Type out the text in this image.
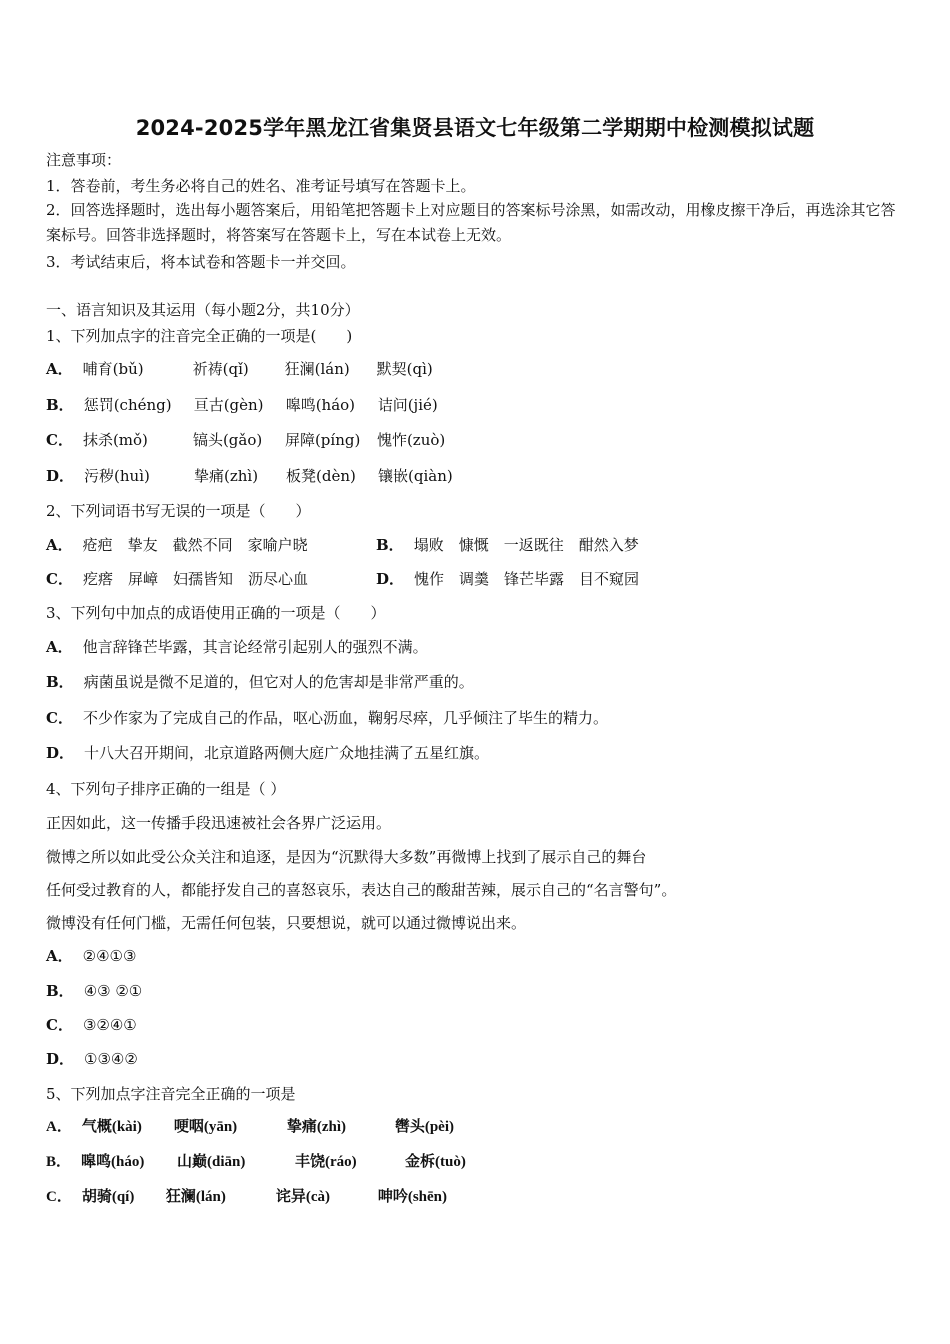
2024-2025学年黑龙江省集贤县语文七年级第二学期期中检测模拟试题
注意事项：
1．答卷前，考生务必将自己的姓名、准考证号填写在答题卡上。
2．回答选择题时，选出每小题答案后，用铅笔把答题卡上对应题目的答案标号涂黑，如需改动，用橡皮擦干净后，再选涂其它答案标号。回答非选择题时，将答案写在答题卡上，写在本试卷上无效。
3．考试结束后，将本试卷和答题卡一并交回。
一、语言知识及其运用（每小题2分，共10分）
1、下列加点字的注音完全正确的一项是(　　)
A． 哺育(bǔ)	祈祷(qǐ) 狂澜(lán) 默契(qì)
B． 惩罚(chéng) 亘古(gèn) 嗥鸣(háo) 诘问(jié)
C． 抹杀(mǒ)	镐头(gǎo) 屏障(píng) 愧怍(zuò)
D． 污秽(huì)	挚痛(zhì) 板凳(dèn) 镶嵌(qiàn)
2、下列词语书写无误的一项是（　　）
A． 疮疤　挚友　截然不同　家喻户晓	B． 塌败　慷慨　一返既往　酣然入梦
C． 疙瘩　屏嶂　妇孺皆知　沥尽心血	D． 愧作　调羹　锋芒毕露　目不窥园
3、下列句中加点的成语使用正确的一项是（　　）
A． 他言辞锋芒毕露，其言论经常引起别人的强烈不满。
B． 病菌虽说是微不足道的，但它对人的危害却是非常严重的。
C． 不少作家为了完成自己的作品，呕心沥血，鞠躬尽瘁，几乎倾注了毕生的精力。
D． 十八大召开期间，北京道路两侧大庭广众地挂满了五星红旗。
4、下列句子排序正确的一组是（ ）
正因如此，这一传播手段迅速被社会各界广泛运用。
微博之所以如此受公众关注和追逐，是因为“沉默得大多数”再微博上找到了展示自己的舞台
任何受过教育的人，都能抒发自己的喜怒哀乐，表达自己的酸甜苦辣，展示自己的“名言警句”。
微博没有任何门槛，无需任何包装，只要想说，就可以通过微博说出来。
A． ②④①③
B． ④③ ②①
C． ③②④①
D． ①③④②
5、下列加点字注音完全正确的一项是
A． 气概(kài) 哽咽(yān)	挚痛(zhì)	辔头(pèi)
B． 嗥鸣(háo) 山巅(diān)	丰饶(ráo)	金柝(tuò)
C． 胡骑(qí) 狂澜(lán)	诧异(cà)	呻吟(shēn)
